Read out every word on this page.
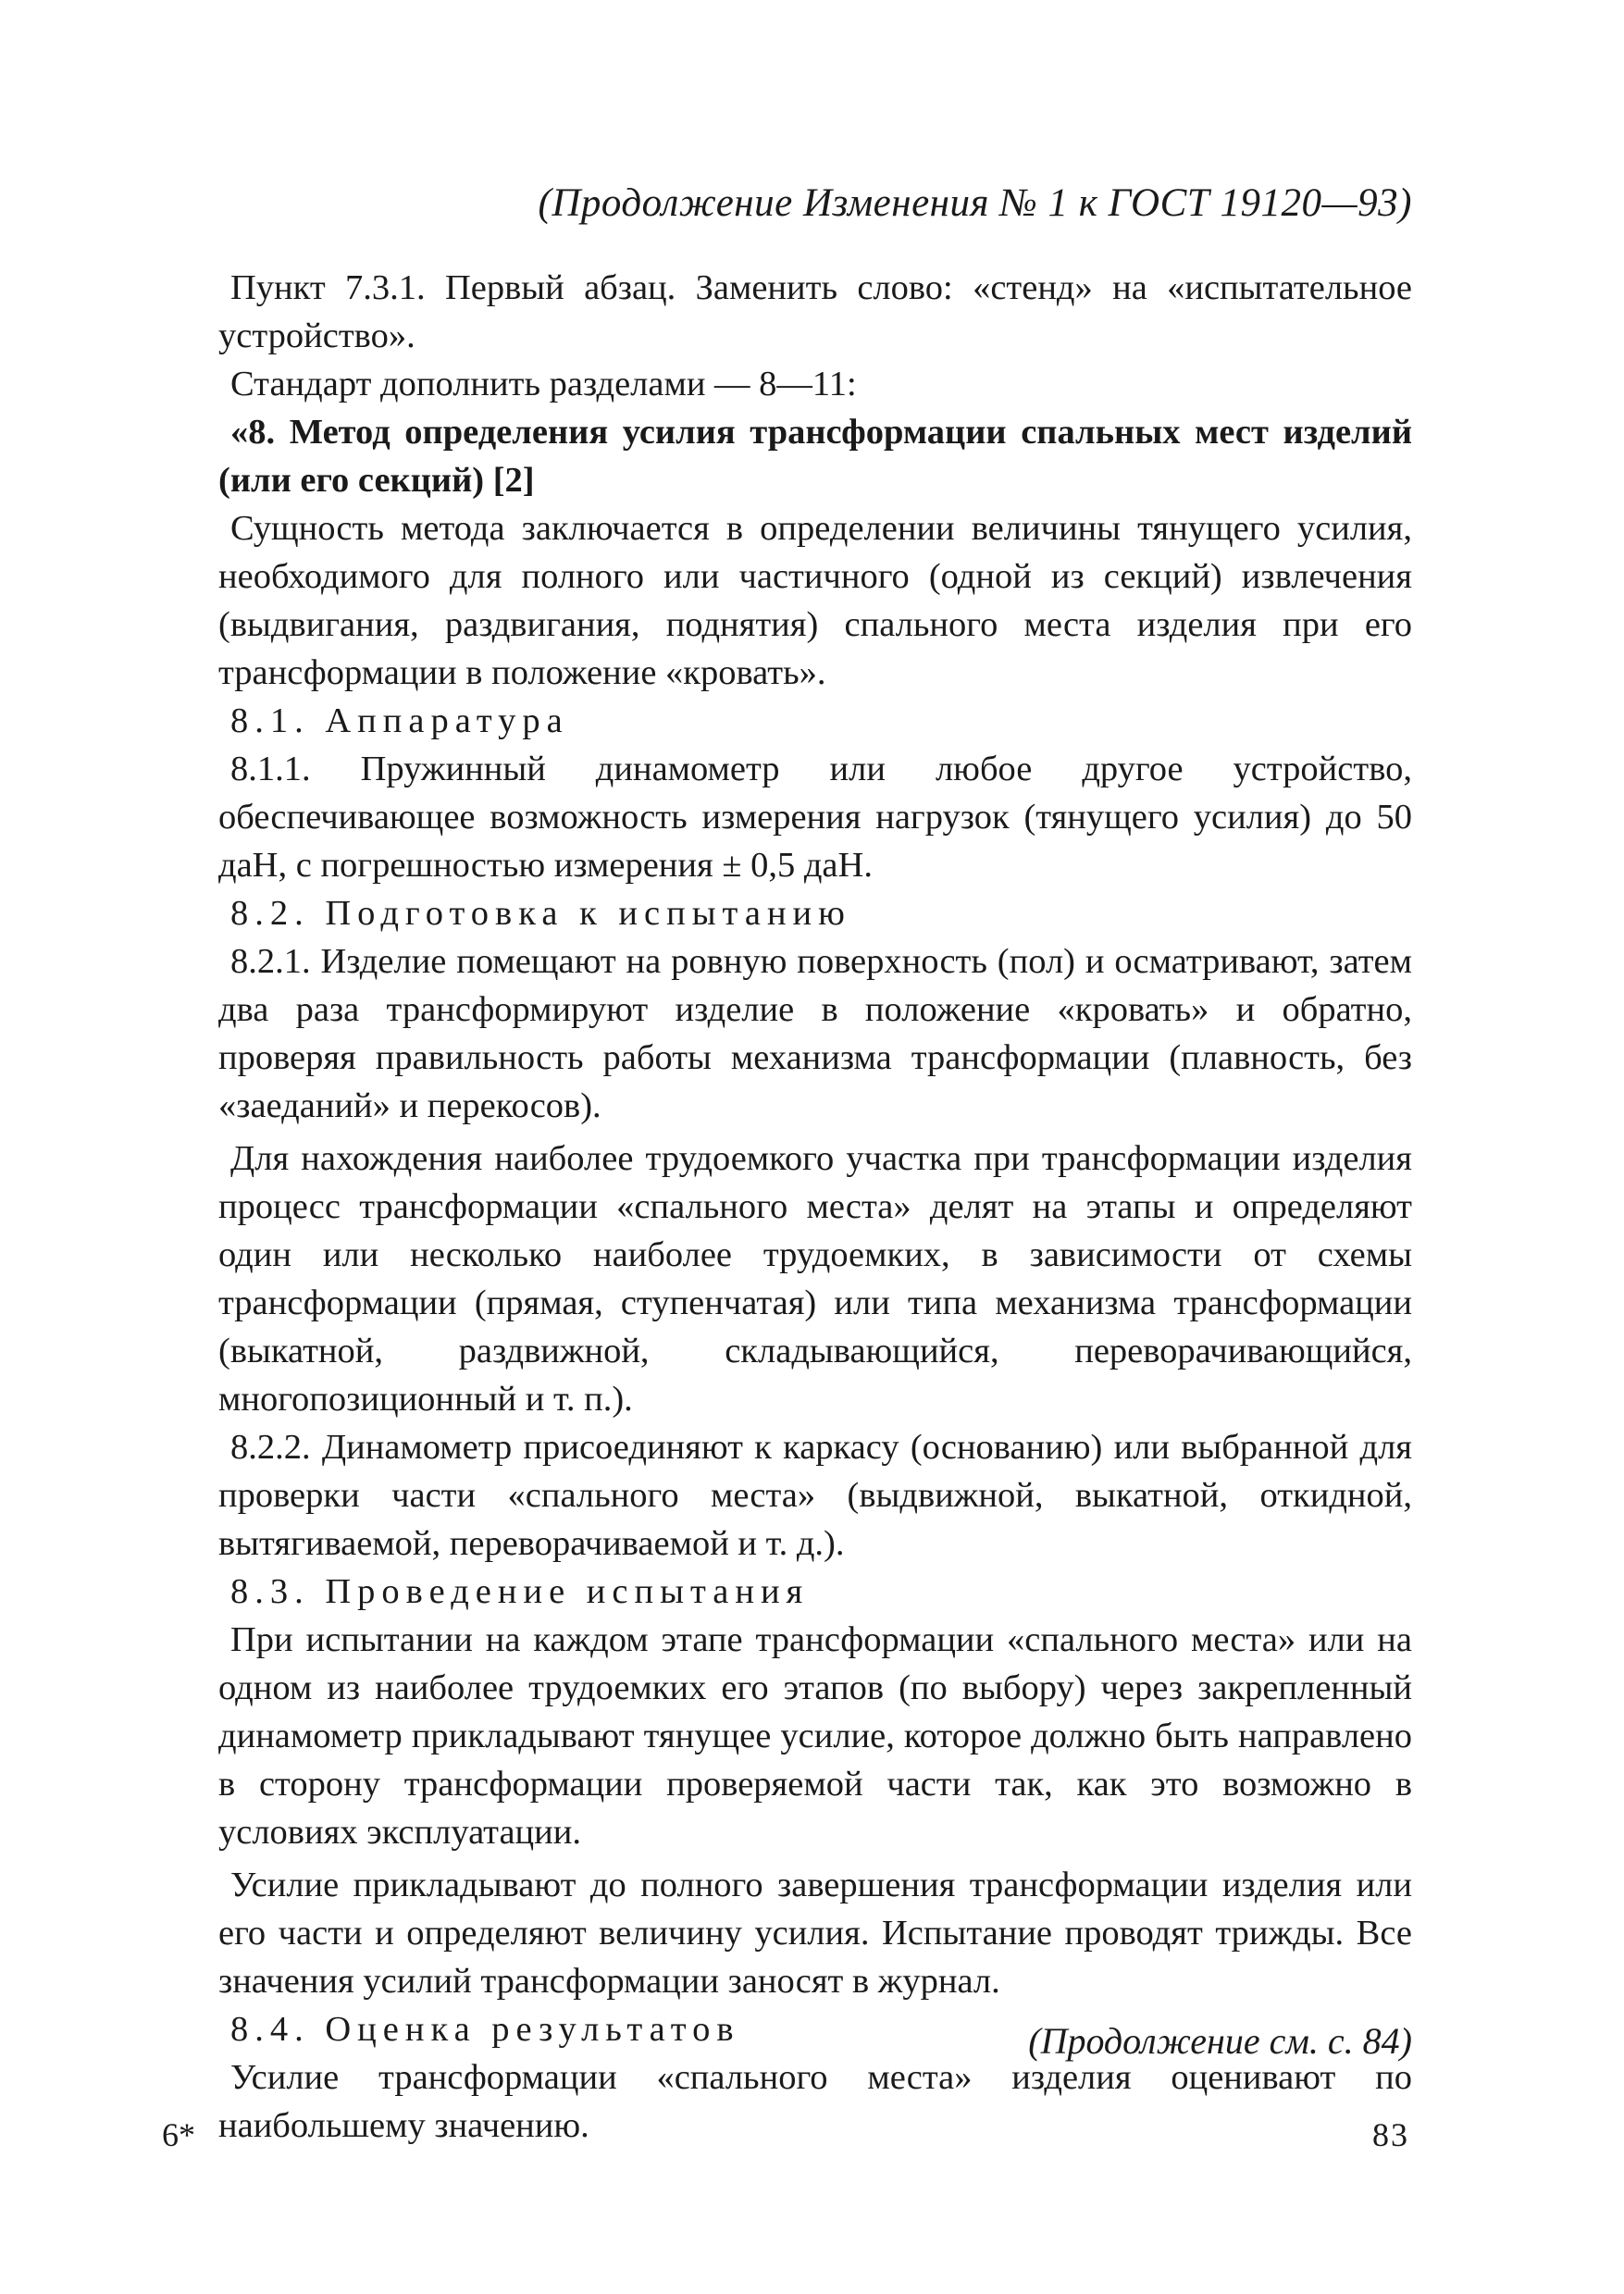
(Продолжение Изменения № 1 к ГОСТ 19120—93)

Пункт 7.3.1. Первый абзац. Заменить слово: «стенд» на «испытательное устройство».

Стандарт дополнить разделами — 8—11:

«8. Метод определения усилия трансформации спальных мест изделий (или его секций) [2]

Сущность метода заключается в определении величины тянущего усилия, необходимого для полного или частичного (одной из секций) извлечения (выдвигания, раздвигания, поднятия) спального места изделия при его трансформации в положение «кровать».

8.1. Аппаратура

8.1.1. Пружинный динамометр или любое другое устройство, обеспечивающее возможность измерения нагрузок (тянущего усилия) до 50 даН, с погрешностью измерения ± 0,5 даН.

8.2. Подготовка к испытанию

8.2.1. Изделие помещают на ровную поверхность (пол) и осматривают, затем два раза трансформируют изделие в положение «кровать» и обратно, проверяя правильность работы механизма трансформации (плавность, без «заеданий» и перекосов).

Для нахождения наиболее трудоемкого участка при трансформации изделия процесс трансформации «спального места» делят на этапы и определяют один или несколько наиболее трудоемких, в зависимости от схемы трансформации (прямая, ступенчатая) или типа механизма трансформации (выкатной, раздвижной, складывающийся, переворачивающийся, многопозиционный и т. п.).

8.2.2. Динамометр присоединяют к каркасу (основанию) или выбранной для проверки части «спального места» (выдвижной, выкатной, откидной, вытягиваемой, переворачиваемой и т. д.).

8.3. Проведение испытания

При испытании на каждом этапе трансформации «спального места» или на одном из наиболее трудоемких его этапов (по выбору) через закрепленный динамометр прикладывают тянущее усилие, которое должно быть направлено в сторону трансформации проверяемой части так, как это возможно в условиях эксплуатации.

Усилие прикладывают до полного завершения трансформации изделия или его части и определяют величину усилия. Испытание проводят трижды. Все значения усилий трансформации заносят в журнал.

8.4. Оценка результатов

Усилие трансформации «спального места» изделия оценивают по наибольшему значению.

(Продолжение см. с. 84)
6*	83
